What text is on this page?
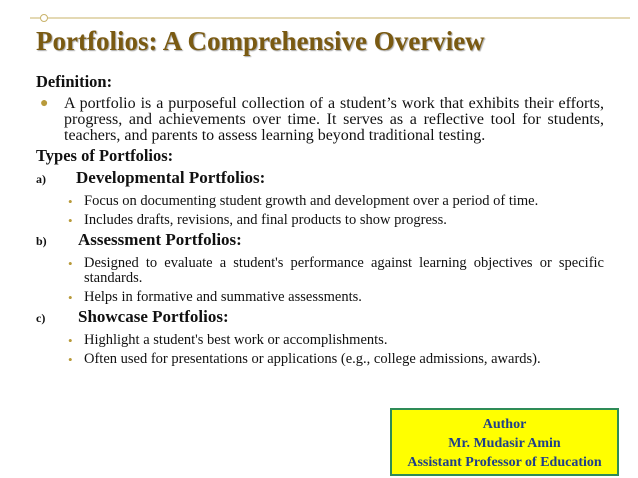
Portfolios: A Comprehensive Overview

Definition:

● A portfolio is a purposeful collection of a student’s work that exhibits their efforts, progress, and achievements over time. It serves as a reflective tool for students, teachers, and parents to assess learning beyond traditional testing.

Types of Portfolios:

a) Developmental Portfolios:
• Focus on documenting student growth and development over a period of time.
• Includes drafts, revisions, and final products to show progress.
b) Assessment Portfolios:
• Designed to evaluate a student's performance against learning objectives or specific standards.
• Helps in formative and summative assessments.
c) Showcase Portfolios:
• Highlight a student's best work or accomplishments.
• Often used for presentations or applications (e.g., college admissions, awards).
Author
Mr. Mudasir Amin
Assistant Professor of Education
